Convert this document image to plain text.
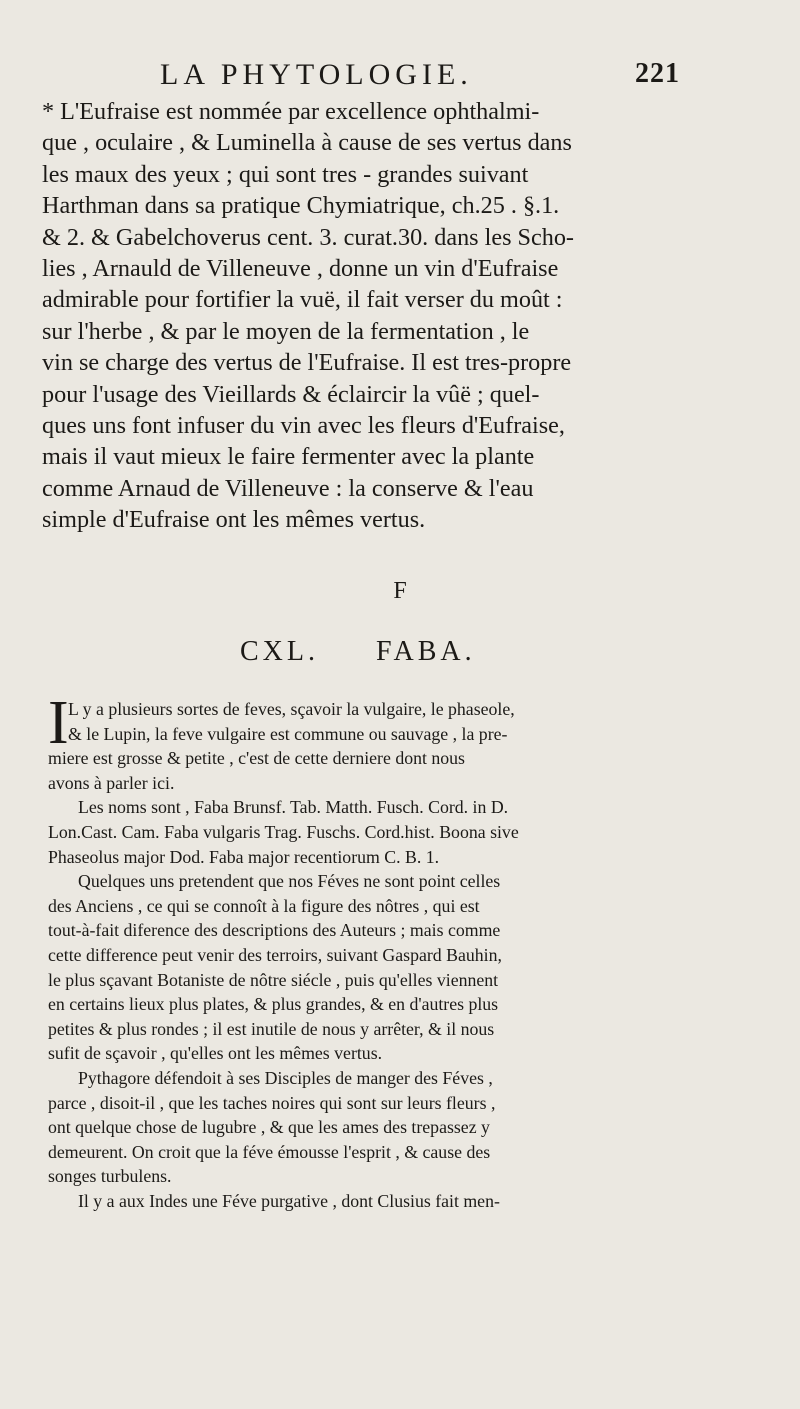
LA PHYTOLOGIE.	221
* L'Eufraise est nommée par excellence ophthalmi-
que , oculaire , & Luminella à cause de ses vertus dans
les maux des yeux ; qui sont tres - grandes suivant
Harthman dans sa pratique Chymiatrique, ch.25 . §.1.
& 2. & Gabelchoverus cent. 3. curat.30. dans les Scho-
lies , Arnauld de Villeneuve , donne un vin d'Eufraise
admirable pour fortifier la vuë, il fait verser du moût :
sur l'herbe , & par le moyen de la fermentation , le
vin se charge des vertus de l'Eufraise. Il est tres-propre
pour l'usage des Vieillards & éclaircir la vûë ; quel-
ques uns font infuser du vin avec les fleurs d'Eufraise,
mais il vaut mieux le faire fermenter avec la plante
comme Arnaud de Villeneuve : la conserve & l'eau
simple d'Eufraise ont les mêmes vertus.
F
CXL. FABA.
I L y a plusieurs sortes de feves, sçavoir la vulgaire, le phaseole,
& le Lupin, la feve vulgaire est commune ou sauvage , la pre-
miere est grosse & petite , c'est de cette derniere dont nous
avons à parler ici.
Les noms sont , Faba Brunsf. Tab. Matth. Fusch. Cord. in D.
Lon.Cast. Cam. Faba vulgaris Trag. Fuschs. Cord.hist. Boona sive
Phaseolus major Dod. Faba major recentiorum C. B. 1.
Quelques uns pretendent que nos Féves ne sont point celles
des Anciens , ce qui se connoît à la figure des nôtres , qui est
tout-à-fait diference des descriptions des Auteurs ; mais comme
cette difference peut venir des terroirs, suivant Gaspard Bauhin,
le plus sçavant Botaniste de nôtre siécle , puis qu'elles viennent
en certains lieux plus plates, & plus grandes, & en d'autres plus
petites & plus rondes ; il est inutile de nous y arrêter, & il nous
sufit de sçavoir , qu'elles ont les mêmes vertus.
Pythagore défendoit à ses Disciples de manger des Féves ,
parce , disoit-il , que les taches noires qui sont sur leurs fleurs ,
ont quelque chose de lugubre , & que les ames des trepassez y
demeurent. On croit que la féve émousse l'esprit , & cause des
songes turbulens.
Il y a aux Indes une Féve purgative , dont Clusius fait men-
